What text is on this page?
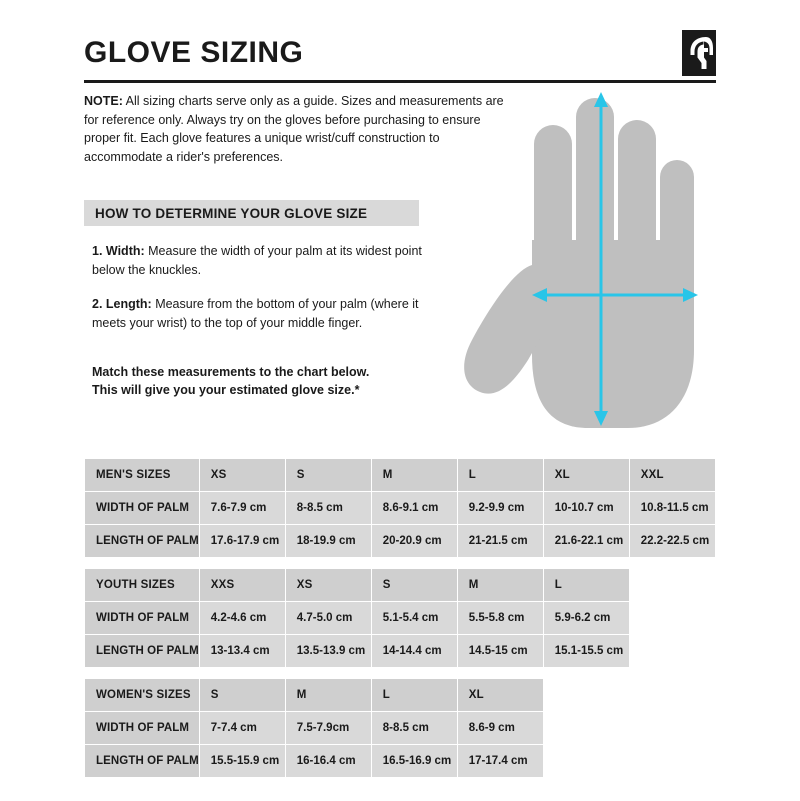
GLOVE SIZING
NOTE: All sizing charts serve only as a guide. Sizes and measurements are for reference only. Always try on the gloves before purchasing to ensure proper fit. Each glove features a unique wrist/cuff construction to accommodate a rider's preferences.
HOW TO DETERMINE YOUR GLOVE SIZE

1. Width: Measure the width of your palm at its widest point below the knuckles.

2. Length: Measure from the bottom of your palm (where it meets your wrist) to the top of your middle finger.

Match these measurements to the chart below.
This will give you your estimated glove size.*
MEN'S SIZES	XS	S	M	L	XL	XXL
WIDTH OF PALM	7.6-7.9 cm	8-8.5 cm	8.6-9.1 cm	9.2-9.9 cm	10-10.7 cm	10.8-11.5 cm
LENGTH OF PALM	17.6-17.9 cm	18-19.9 cm	20-20.9 cm	21-21.5 cm	21.6-22.1 cm	22.2-22.5 cm
YOUTH SIZES	XXS	XS	S	M	L
WIDTH OF PALM	4.2-4.6 cm	4.7-5.0 cm	5.1-5.4 cm	5.5-5.8 cm	5.9-6.2 cm
LENGTH OF PALM	13-13.4 cm	13.5-13.9 cm	14-14.4 cm	14.5-15 cm	15.1-15.5 cm
WOMEN'S SIZES	S	M	L	XL
WIDTH OF PALM	7-7.4 cm	7.5-7.9cm	8-8.5 cm	8.6-9 cm
LENGTH OF PALM	15.5-15.9 cm	16-16.4 cm	16.5-16.9 cm	17-17.4 cm
